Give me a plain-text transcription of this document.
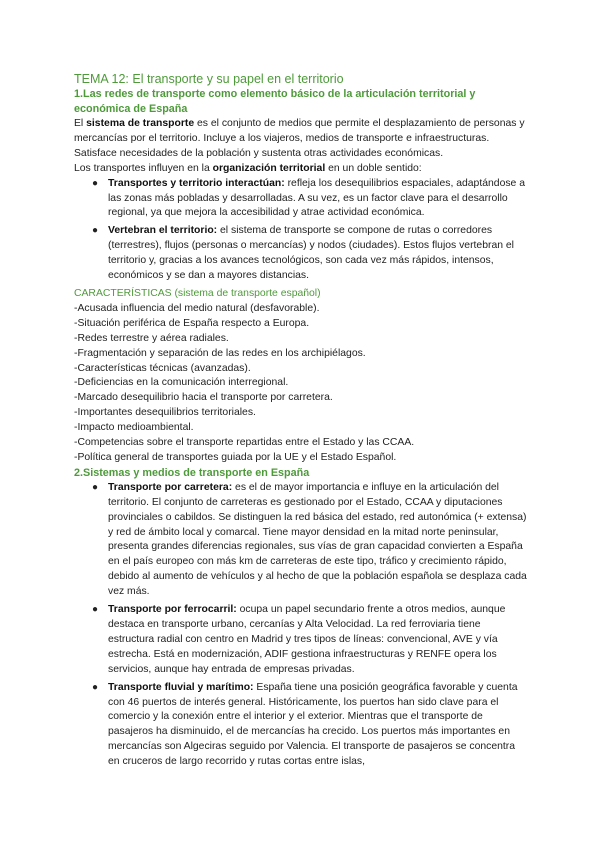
TEMA 12: El transporte y su papel en el territorio
1.Las redes de transporte como elemento básico de la articulación territorial y económica de España

El sistema de transporte es el conjunto de medios que permite el desplazamiento de personas y mercancías por el territorio. Incluye a los viajeros, medios de transporte e infraestructuras. Satisface necesidades de la población y sustenta otras actividades económicas.

Los transportes influyen en la organización territorial en un doble sentido:

● Transportes y territorio interactúan: refleja los desequilibrios espaciales, adaptándose a las zonas más pobladas y desarrolladas. A su vez, es un factor clave para el desarrollo regional, ya que mejora la accesibilidad y atrae actividad económica.
● Vertebran el territorio: el sistema de transporte se compone de rutas o corredores (terrestres), flujos (personas o mercancías) y nodos (ciudades). Estos flujos vertebran el territorio y, gracias a los avances tecnológicos, son cada vez más rápidos, intensos, económicos y se dan a mayores distancias.
CARACTERÍSTICAS (sistema de transporte español)
-Acusada influencia del medio natural (desfavorable).
-Situación periférica de España respecto a Europa.
-Redes terrestre y aérea radiales.
-Fragmentación y separación de las redes en los archipiélagos.
-Características técnicas (avanzadas).
-Deficiencias en la comunicación interregional.
-Marcado desequilibrio hacia el transporte por carretera.
-Importantes desequilibrios territoriales.
-Impacto medioambiental.
-Competencias sobre el transporte repartidas entre el Estado y las CCAA.
-Política general de transportes guiada por la UE y el Estado Español.
2.Sistemas y medios de transporte en España
● Transporte por carretera: es el de mayor importancia e influye en la articulación del territorio. El conjunto de carreteras es gestionado por el Estado, CCAA y diputaciones provinciales o cabildos. Se distinguen la red básica del estado, red autonómica (+ extensa) y red de ámbito local y comarcal. Tiene mayor densidad en la mitad norte peninsular, presenta grandes diferencias regionales, sus vías de gran capacidad convierten a España en el país europeo con más km de carreteras de este tipo, tráfico y crecimiento rápido, debido al aumento de vehículos y al hecho de que la población española se desplaza cada vez más.
● Transporte por ferrocarril: ocupa un papel secundario frente a otros medios, aunque destaca en transporte urbano, cercanías y Alta Velocidad. La red ferroviaria tiene estructura radial con centro en Madrid y tres tipos de líneas: convencional, AVE y vía estrecha. Está en modernización, ADIF gestiona infraestructuras y RENFE opera los servicios, aunque hay entrada de empresas privadas.
● Transporte fluvial y marítimo: España tiene una posición geográfica favorable y cuenta con 46 puertos de interés general. Históricamente, los puertos han sido clave para el comercio y la conexión entre el interior y el exterior. Mientras que el transporte de pasajeros ha disminuido, el de mercancías ha crecido. Los puertos más importantes en mercancías son Algeciras seguido por Valencia. El transporte de pasajeros se concentra en cruceros de largo recorrido y rutas cortas entre islas,
